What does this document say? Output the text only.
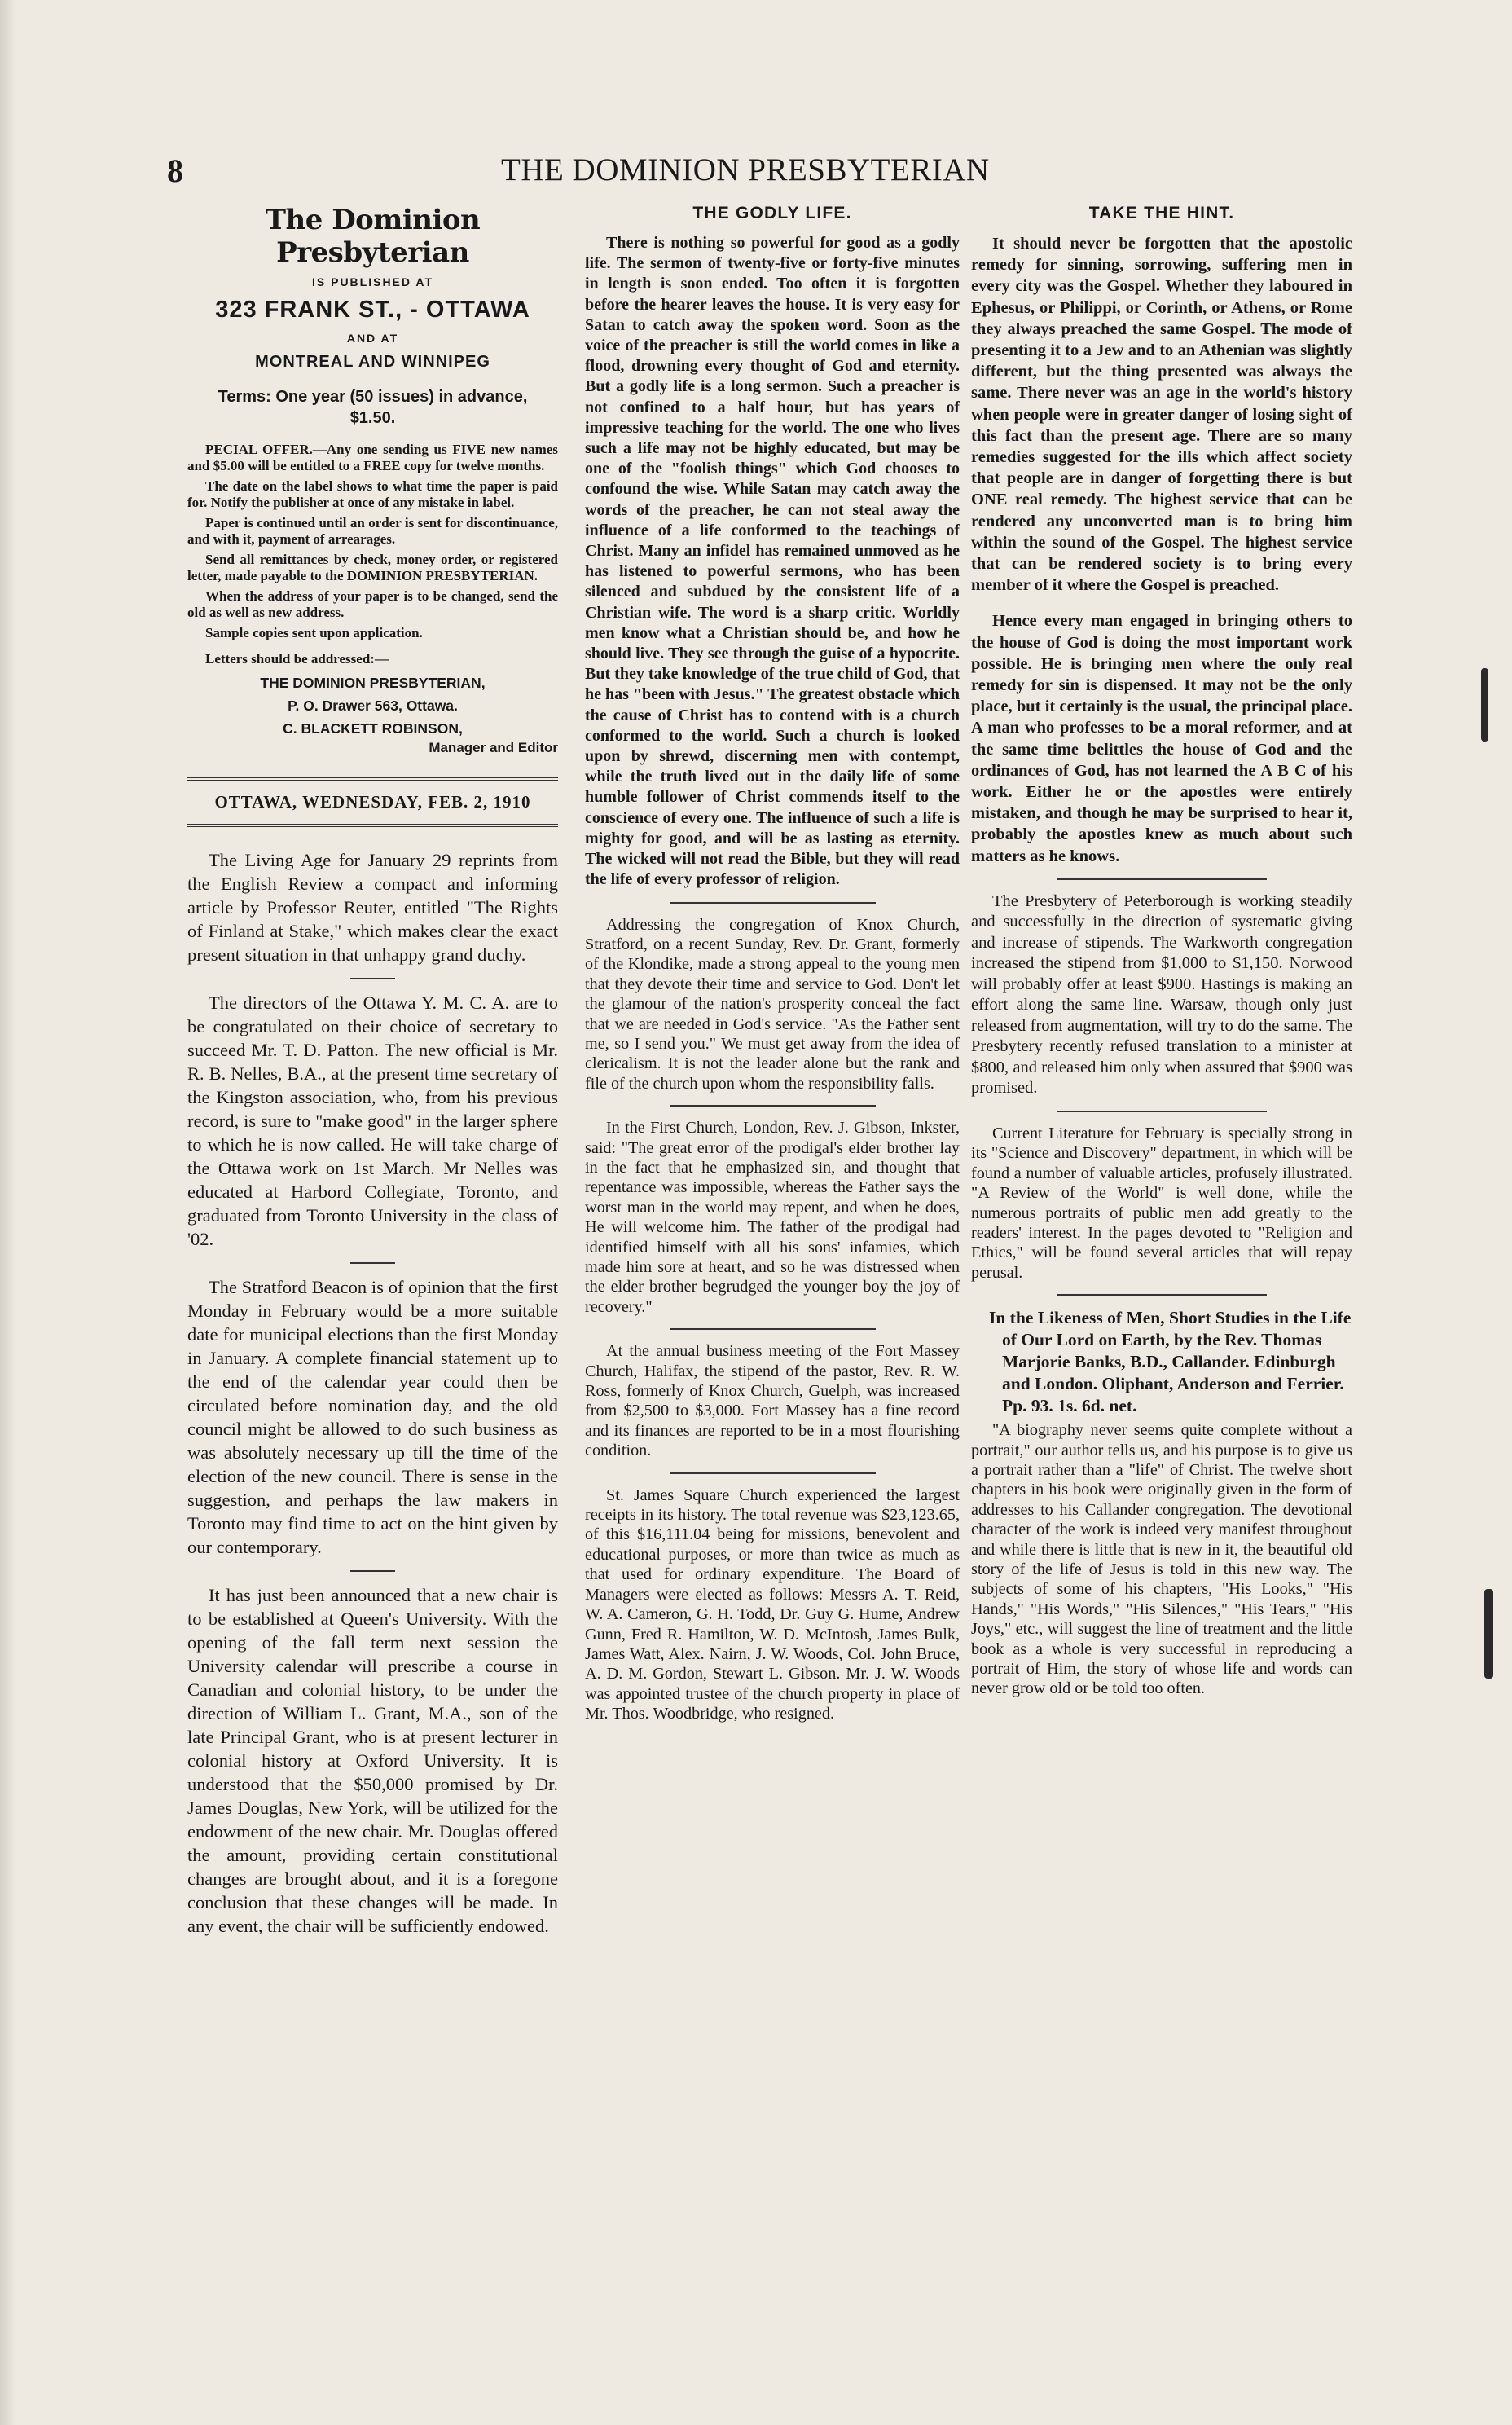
8	THE DOMINION PRESBYTERIAN
The Dominion Presbyterian
IS PUBLISHED AT
323 FRANK ST., - OTTAWA
AND AT
MONTREAL AND WINNIPEG
Terms: One year (50 issues) in advance, $1.50.

PECIAL OFFER.—Any one sending us FIVE new names and $5.00 will be entitled to a FREE copy for twelve months.

The date on the label shows to what time the paper is paid for. Notify the publisher at once of any mistake in label.

Paper is continued until an order is sent for discontinuance, and with it, payment of arrearages.

Send all remittances by check, money order, or registered letter, made payable to the DOMINION PRESBYTERIAN.

When the address of your paper is to be changed, send the old as well as new address.

Sample copies sent upon application.

Letters should be addressed:—

THE DOMINION PRESBYTERIAN,
P. O. Drawer 563, Ottawa.
C. BLACKETT ROBINSON,
Manager and Editor
OTTAWA, WEDNESDAY, FEB. 2, 1910

The Living Age for January 29 reprints from the English Review a compact and informing article by Professor Reuter, entitled "The Rights of Finland at Stake," which makes clear the exact present situation in that unhappy grand duchy.

The directors of the Ottawa Y. M. C. A. are to be congratulated on their choice of secretary to succeed Mr. T. D. Patton. The new official is Mr. R. B. Nelles, B.A., at the present time secretary of the Kingston association, who, from his previous record, is sure to "make good" in the larger sphere to which he is now called. He will take charge of the Ottawa work on 1st March. Mr Nelles was educated at Harbord Collegiate, Toronto, and graduated from Toronto University in the class of '02.

The Stratford Beacon is of opinion that the first Monday in February would be a more suitable date for municipal elections than the first Monday in January. A complete financial statement up to the end of the calendar year could then be circulated before nomination day, and the old council might be allowed to do such business as was absolutely necessary up till the time of the election of the new council. There is sense in the suggestion, and perhaps the law makers in Toronto may find time to act on the hint given by our contemporary.

It has just been announced that a new chair is to be established at Queen's University. With the opening of the fall term next session the University calendar will prescribe a course in Canadian and colonial history, to be under the direction of William L. Grant, M.A., son of the late Principal Grant, who is at present lecturer in colonial history at Oxford University. It is understood that the $50,000 promised by Dr. James Douglas, New York, will be utilized for the endowment of the new chair. Mr. Douglas offered the amount, providing certain constitutional changes are brought about, and it is a foregone conclusion that these changes will be made. In any event, the chair will be sufficiently endowed.

THE GODLY LIFE.

There is nothing so powerful for good as a godly life. The sermon of twenty-five or forty-five minutes in length is soon ended. Too often it is forgotten before the hearer leaves the house. It is very easy for Satan to catch away the spoken word. Soon as the voice of the preacher is still the world comes in like a flood, drowning every thought of God and eternity. But a godly life is a long sermon. Such a preacher is not confined to a half hour, but has years of impressive teaching for the world. The one who lives such a life may not be highly educated, but may be one of the "foolish things" which God chooses to confound the wise. While Satan may catch away the words of the preacher, he can not steal away the influence of a life conformed to the teachings of Christ. Many an infidel has remained unmoved as he has listened to powerful sermons, who has been silenced and subdued by the consistent life of a Christian wife. The word is a sharp critic. Worldly men know what a Christian should be, and how he should live. They see through the guise of a hypocrite. But they take knowledge of the true child of God, that he has "been with Jesus." The greatest obstacle which the cause of Christ has to contend with is a church conformed to the world. Such a church is looked upon by shrewd, discerning men with contempt, while the truth lived out in the daily life of some humble follower of Christ commends itself to the conscience of every one. The influence of such a life is mighty for good, and will be as lasting as eternity. The wicked will not read the Bible, but they will read the life of every professor of religion.

Addressing the congregation of Knox Church, Stratford, on a recent Sunday, Rev. Dr. Grant, formerly of the Klondike, made a strong appeal to the young men that they devote their time and service to God. Don't let the glamour of the nation's prosperity conceal the fact that we are needed in God's service. "As the Father sent me, so I send you." We must get away from the idea of clericalism. It is not the leader alone but the rank and file of the church upon whom the responsibility falls.

In the First Church, London, Rev. J. Gibson, Inkster, said: "The great error of the prodigal's elder brother lay in the fact that he emphasized sin, and thought that repentance was impossible, whereas the Father says the worst man in the world may repent, and when he does, He will welcome him. The father of the prodigal had identified himself with all his sons' infamies, which made him sore at heart, and so he was distressed when the elder brother begrudged the younger boy the joy of recovery."

At the annual business meeting of the Fort Massey Church, Halifax, the stipend of the pastor, Rev. R. W. Ross, formerly of Knox Church, Guelph, was increased from $2,500 to $3,000. Fort Massey has a fine record and its finances are reported to be in a most flourishing condition.

St. James Square Church experienced the largest receipts in its history. The total revenue was $23,123.65, of this $16,111.04 being for missions, benevolent and educational purposes, or more than twice as much as that used for ordinary expenditure. The Board of Managers were elected as follows: Messrs A. T. Reid, W. A. Cameron, G. H. Todd, Dr. Guy G. Hume, Andrew Gunn, Fred R. Hamilton, W. D. McIntosh, James Bulk, James Watt, Alex. Nairn, J. W. Woods, Col. John Bruce, A. D. M. Gordon, Stewart L. Gibson. Mr. J. W. Woods was appointed trustee of the church property in place of Mr. Thos. Woodbridge, who resigned.

TAKE THE HINT.

It should never be forgotten that the apostolic remedy for sinning, sorrowing, suffering men in every city was the Gospel. Whether they laboured in Ephesus, or Philippi, or Corinth, or Athens, or Rome they always preached the same Gospel. The mode of presenting it to a Jew and to an Athenian was slightly different, but the thing presented was always the same. There never was an age in the world's history when people were in greater danger of losing sight of this fact than the present age. There are so many remedies suggested for the ills which affect society that people are in danger of forgetting there is but ONE real remedy. The highest service that can be rendered any unconverted man is to bring him within the sound of the Gospel. The highest service that can be rendered society is to bring every member of it where the Gospel is preached.

Hence every man engaged in bringing others to the house of God is doing the most important work possible. He is bringing men where the only real remedy for sin is dispensed. It may not be the only place, but it certainly is the usual, the principal place. A man who professes to be a moral reformer, and at the same time belittles the house of God and the ordinances of God, has not learned the A B C of his work. Either he or the apostles were entirely mistaken, and though he may be surprised to hear it, probably the apostles knew as much about such matters as he knows.

The Presbytery of Peterborough is working steadily and successfully in the direction of systematic giving and increase of stipends. The Warkworth congregation increased the stipend from $1,000 to $1,150. Norwood will probably offer at least $900. Hastings is making an effort along the same line. Warsaw, though only just released from augmentation, will try to do the same. The Presbytery recently refused translation to a minister at $800, and released him only when assured that $900 was promised.

Current Literature for February is specially strong in its "Science and Discovery" department, in which will be found a number of valuable articles, profusely illustrated. "A Review of the World" is well done, while the numerous portraits of public men add greatly to the readers' interest. In the pages devoted to "Religion and Ethics," will be found several articles that will repay perusal.

In the Likeness of Men, Short Studies in the Life of Our Lord on Earth, by the Rev. Thomas Marjorie Banks, B.D., Callander. Edinburgh and London. Oliphant, Anderson and Ferrier. Pp. 93. 1s. 6d. net.

"A biography never seems quite complete without a portrait," our author tells us, and his purpose is to give us a portrait rather than a "life" of Christ. The twelve short chapters in his book were originally given in the form of addresses to his Callander congregation. The devotional character of the work is indeed very manifest throughout and while there is little that is new in it, the beautiful old story of the life of Jesus is told in this new way. The subjects of some of his chapters, "His Looks," "His Hands," "His Words," "His Silences," "His Tears," "His Joys," etc., will suggest the line of treatment and the little book as a whole is very successful in reproducing a portrait of Him, the story of whose life and words can never grow old or be told too often.
